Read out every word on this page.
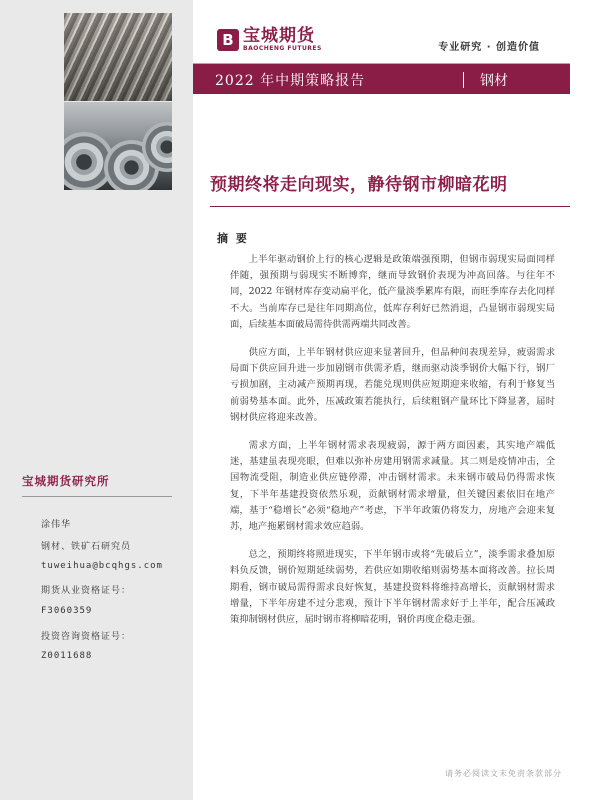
B 宝城期货
BAOCHENG FUTURES	专业研究 · 创造价值
2022 年中期策略报告	钢材
预期终将走向现实，静待钢市柳暗花明
摘 要

上半年驱动钢价上行的核心逻辑是政策端强预期，但钢市弱现实局面同样伴随，强预期与弱现实不断博弈，继而导致钢价表现为冲高回落。与往年不同，2022 年钢材库存变动扁平化，低产量淡季累库有限，而旺季库存去化同样不大。当前库存已是往年同期高位，低库存利好已然消退，凸显钢市弱现实局面，后续基本面破局需待供需两端共同改善。

供应方面，上半年钢材供应迎来显著回升，但品种间表现差异，疲弱需求局面下供应回升进一步加剧钢市供需矛盾，继而驱动淡季钢价大幅下行，钢厂亏损加剧，主动减产预期再现，若能兑现则供应短期迎来收缩，有利于修复当前弱势基本面。此外，压减政策若能执行，后续粗钢产量环比下降显著，届时钢材供应将迎来改善。

需求方面，上半年钢材需求表现疲弱，源于两方面因素，其实地产端低迷，基建虽表现亮眼，但难以弥补房建用钢需求减量。其二则是疫情冲击，全国物流受阻，制造业供应链停滞，冲击钢材需求。未来钢市破局仍得需求恢复，下半年基建投资依然乐观，贡献钢材需求增量，但关键因素依旧在地产端，基于“稳增长”必须“稳地产”考虑，下半年政策仍将发力，房地产会迎来复苏，地产拖累钢材需求效应趋弱。

总之，预期终将照进现实，下半年钢市或将“先破后立”，淡季需求叠加原料负反馈，钢价短期延续弱势，若供应如期收缩则弱势基本面将改善。拉长周期看，钢市破局需得需求良好恢复，基建投资料将维持高增长，贡献钢材需求增量，下半年房建不过分悲观，预计下半年钢材需求好于上半年，配合压减政策抑制钢材供应，届时钢市将柳暗花明，钢价再度企稳走强。

宝城期货研究所
涂伟华
钢材、铁矿石研究员
tuweihua@bcqhgs.com
期货从业资格证号：
F3060359
投资咨询资格证号：
Z0011688
请务必阅读文末免责条款部分
